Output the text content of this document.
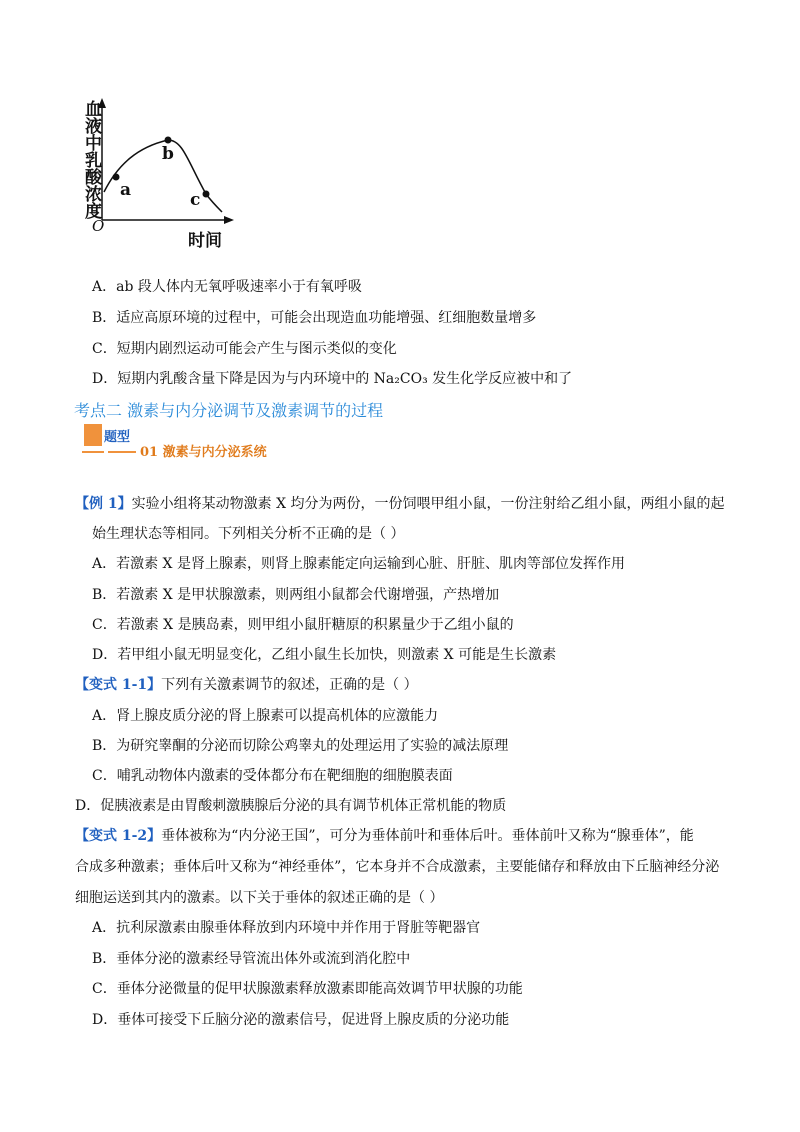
血液中乳酸浓度
O
时间
a
b
c
A．ab 段人体内无氧呼吸速率小于有氧呼吸
B．适应高原环境的过程中，可能会出现造血功能增强、红细胞数量增多
C．短期内剧烈运动可能会产生与图示类似的变化
D．短期内乳酸含量下降是因为与内环境中的 Na₂CO₃ 发生化学反应被中和了
考点二 激素与内分泌调节及激素调节的过程
题型
01 激素与内分泌系统
【例 1】实验小组将某动物激素 X 均分为两份，一份饲喂甲组小鼠，一份注射给乙组小鼠，两组小鼠的起
始生理状态等相同。下列相关分析不正确的是（ ）
A．若激素 X 是肾上腺素，则肾上腺素能定向运输到心脏、肝脏、肌肉等部位发挥作用
B．若激素 X 是甲状腺激素，则两组小鼠都会代谢增强，产热增加
C．若激素 X 是胰岛素，则甲组小鼠肝糖原的积累量少于乙组小鼠的
D．若甲组小鼠无明显变化，乙组小鼠生长加快，则激素 X 可能是生长激素
【变式 1-1】下列有关激素调节的叙述，正确的是（ ）
A．肾上腺皮质分泌的肾上腺素可以提高机体的应激能力
B．为研究睾酮的分泌而切除公鸡睾丸的处理运用了实验的减法原理
C．哺乳动物体内激素的受体都分布在靶细胞的细胞膜表面
D．促胰液素是由胃酸刺激胰腺后分泌的具有调节机体正常机能的物质
【变式 1-2】垂体被称为“内分泌王国”，可分为垂体前叶和垂体后叶。垂体前叶又称为“腺垂体”，能
合成多种激素；垂体后叶又称为“神经垂体”，它本身并不合成激素，主要能储存和释放由下丘脑神经分泌
细胞运送到其内的激素。以下关于垂体的叙述正确的是（ ）
A．抗利尿激素由腺垂体释放到内环境中并作用于肾脏等靶器官
B．垂体分泌的激素经导管流出体外或流到消化腔中
C．垂体分泌微量的促甲状腺激素释放激素即能高效调节甲状腺的功能
D．垂体可接受下丘脑分泌的激素信号，促进肾上腺皮质的分泌功能
